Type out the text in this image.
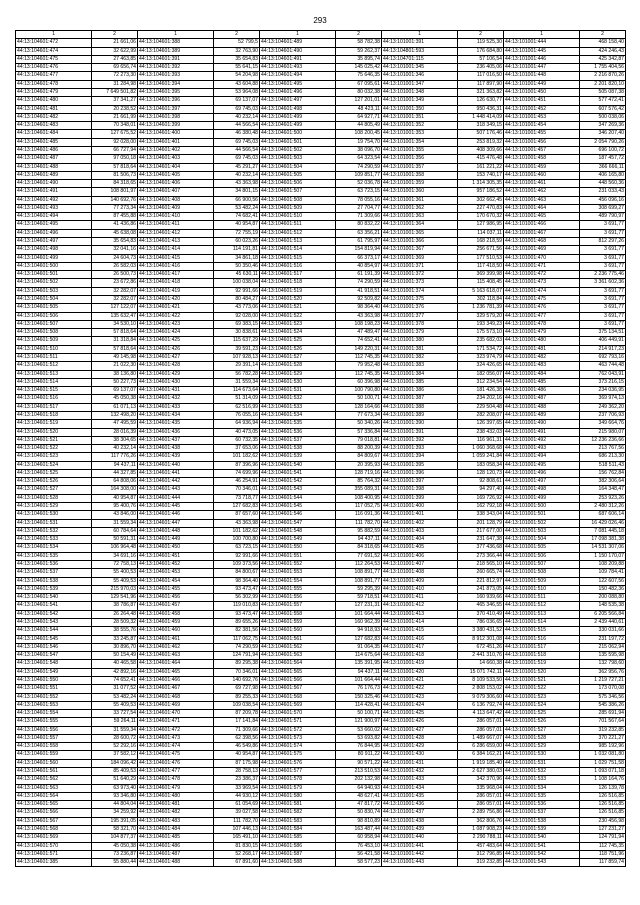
293
1	2	1	2	1	2	1	2	1	2
44:13:104601:472	21 661,06	44:13:104601:388	52 799,5	44:13:104601:489	58 782,38	44:13:101001:391	119 525,30	44:13:101001:444	468 158,40
44:13:104601:474	32 622,99	44:13:104601:389	32 763,90	44:13:104601:490	59 262,37	44:13:104801:593	176 684,80	44:13:101001:445	424 246,43
44:13:104601:475	27 463,85	44:13:104601:391	35 654,83	44:13:104601:491	35 895,74	44:13:104701:115	57 106,54	44:13:101001:446	425 342,87
44:13:104601:476	69 656,74	44:13:104601:392	55 641,15	44:13:104601:493	145 025,42	44:13:101001:345	236 405,06	44:13:101001:447	1 755 404,56
44:13:104601:477	72 273,30	44:13:104601:393	54 204,98	44:13:104601:494	75 646,35	44:13:101001:346	117 016,50	44:13:101001:448	2 216 870,26
44:13:104601:478	31 284,98	44:13:104601:394	43 604,88	44:13:104601:495	67 095,61	44:13:101001:347	117 897,90	44:13:101001:449	2 201 820,10
44:13:104601:479	7 649 501,82	44:13:104601:395	53 964,08	44:13:104601:496	80 032,38	44:13:101001:348	321 363,82	44:13:101001:450	505 087,38
44:13:104601:480	37 341,27	44:13:104601:396	69 137,07	44:13:104601:497	127 201,01	44:13:101001:349	126 630,77	44:13:101001:451	577 472,41
44:13:104601:481	20 238,52	44:13:104601:397	69 745,03	44:13:104601:498	48 423,11	44:13:101001:350	950 436,31	44:13:101001:452	607 576,42
44:13:104601:482	21 661,99	44:13:104601:398	40 232,14	44:13:104601:499	64 927,71	44:13:101001:351	1 448 414,09	44:13:101001:453	500 038,06
44:13:104601:483	70 348,01	44:13:104601:399	44 566,54	44:13:104601:499	44 805,49	44:13:101001:352	318 349,15	44:13:101001:454	347 269,36
44:13:104601:484	127 675,52	44:13:104601:400	46 380,48	44:13:104601:500	108 200,45	44:13:101001:353	507 176,46	44:13:101001:455	346 207,40
44:13:104601:485	92 028,00	44:13:104601:401	69 745,03	44:13:104601:501	19 754,70	44:13:101001:354	253 819,32	44:13:101001:456	2 054 790,26
44:13:104601:486	66 727,94	44:13:104601:402	44 566,54	44:13:104601:502	38 096,70	44:13:101001:355	408 309,66	44:13:101001:457	696 100,72
44:13:104601:487	97 050,18	44:13:104601:403	69 745,03	44:13:104601:503	64 323,54	44:13:101001:356	415 476,48	44:13:101001:458	187 457,72
44:13:104601:488	57 818,64	44:13:104601:404	45 291,27	44:13:104601:504	74 290,59	44:13:101001:357	161 221,22	44:13:101001:459	366 666,11
44:13:104601:489	81 506,73	44:13:104601:405	40 232,14	44:13:104601:505	109 851,77	44:13:101001:358	153 740,17	44:13:101001:460	406 165,80
44:13:104601:490	84 318,65	44:13:104601:406	43 363,98	44:13:104601:506	52 036,78	44:13:101001:359	1 314 305,35	44:13:101001:461	448 560,36
44:13:104601:491	108 801,97	44:13:104601:407	34 801,15	44:13:104601:507	63 723,15	44:13:101001:360	957 186,52	44:13:101001:462	231 033,43
44:13:104601:492	140 692,76	44:13:104601:408	66 900,56	44:13:104601:508	78 055,16	44:13:101001:361	302 662,45	44:13:101001:463	456 096,16
44:13:104601:493	77 273,34	44:13:104601:409	53 482,24	44:13:104601:509	27 704,77	44:13:101001:362	227 470,83	44:13:101001:464	308 699,27
44:13:104601:494	87 455,88	44:13:104601:410	74 682,41	44:13:104601:510	71 309,66	44:13:101001:363	170 670,32	44:13:101001:465	489 790,97
44:13:104601:495	41 436,86	44:13:104601:411	40 954,87	44:13:104601:511	80 832,22	44:13:101001:364	127 986,95	44:13:101001:466	3 691,77
44:13:104601:496	45 638,08	44:13:104601:412	72 755,19	44:13:104601:512	63 356,21	44:13:101001:365	114 037,11	44:13:101001:467	3 691,77
44:13:104601:497	35 654,83	44:13:104601:413	60 023,26	44:13:104601:513	61 795,97	44:13:101001:366	168 218,59	44:13:101001:468	812 297,26
44:13:104601:498	32 041,16	44:13:104601:414	114 191,81	44:13:104601:514	154 819,94	44:13:101001:367	256 671,56	44:13:101001:469	3 691,77
44:13:104601:499	24 604,73	44:13:104601:415	34 861,18	44:13:104601:515	66 373,17	44:13:101001:369	177 510,53	44:13:101001:470	3 691,77
44:13:104601:500	26 582,03	44:13:104601:416	50 350,46	44:13:104601:516	40 854,97	44:13:101001:371	117 418,50	44:13:101001:471	3 691,77
44:13:104601:501	26 500,73	44:13:104601:417	45 630,11	44:13:104601:517	61 191,39	44:13:101001:372	369 399,98	44:13:101001:472	2 236 775,46
44:13:104601:502	23 672,86	44:13:104601:418	100 038,04	44:13:104601:518	74 290,59	44:13:101001:373	115 408,45	44:13:101001:473	3 361 602,36
44:13:104601:503	32 282,07	44:13:104601:419	92 991,66	44:13:104601:519	41 918,51	44:13:101001:374	5 163 618,07	44:13:101001:474	3 691,77
44:13:104601:504	32 282,07	44:13:104601:420	80 484,27	44:13:104601:520	92 509,82	44:13:101001:375	302 118,84	44:13:101001:475	3 691,77
44:13:104601:505	127 122,07	44:13:104601:421	43 773,06	44:13:104601:521	98 364,40	44:13:101001:376	1 236 781,39	44:13:101001:476	3 691,77
44:13:104601:506	135 632,47	44:13:104601:422	92 028,00	44:13:104601:522	43 363,98	44:13:101001:377	329 579,20	44:13:101001:477	3 691,77
44:13:104601:507	34 530,10	44:13:104601:423	69 383,15	44:13:104601:523	108 198,23	44:13:101001:378	193 349,23	44:13:101001:478	3 691,77
44:13:104601:508	57 818,64	44:13:104601:424	30 838,61	44:13:104601:524	47 489,47	44:13:101001:379	175 573,10	44:13:101001:479	375 134,51
44:13:104601:509	31 318,84	44:13:104601:425	115 637,29	44:13:104601:525	74 652,41	44:13:101001:380	235 682,03	44:13:101001:480	406 449,91
44:13:104601:510	57 818,64	44:13:104601:426	39 591,23	44:13:104601:526	149 220,31	44:13:101001:381	171 534,72	44:13:101001:481	214 917,23
44:13:104601:511	49 145,98	44:13:104601:427	107 928,13	44:13:104601:527	112 745,35	44:13:101001:382	323 974,79	44:13:101001:482	692 793,16
44:13:104601:512	21 022,30	44:13:104601:428	29 391,14	44:13:104601:528	79 952,48	44:13:101001:383	324 426,65	44:13:101001:483	463 744,48
44:13:104601:513	38 136,80	44:13:104601:429	56 782,28	44:13:104601:529	112 745,35	44:13:101001:384	182 056,07	44:13:101001:484	762 043,91
44:13:104601:514	50 227,73	44:13:104601:430	31 559,34	44:13:104601:530	60 396,98	44:13:101001:385	312 234,54	44:13:101001:485	373 216,15
44:13:104601:515	69 137,07	44:13:104601:431	114 673,64	44:13:104601:531	100 790,80	44:13:101001:386	181 426,38	44:13:101001:486	234 036,95
44:13:104601:516	45 050,38	44:13:104601:432	51 314,09	44:13:104601:532	50 100,71	44:13:101001:387	234 202,16	44:13:101001:487	369 974,13
44:13:104601:517	61 071,13	44:13:104601:433	62 516,99	44:13:104601:533	128 164,66	44:13:101001:388	229 504,48	44:13:101001:488	249 362,20
44:13:104601:518	132 498,20	44:13:104601:434	76 055,16	44:13:104601:534	77 673,34	44:13:101001:389	282 208,07	44:13:101001:489	237 706,93
44:13:104601:519	47 495,59	44:13:104601:435	64 936,94	44:13:104601:535	50 340,26	44:13:101001:390	126 397,65	44:13:101001:490	349 664,76
44:13:104601:520	28 016,39	44:13:104601:436	40 473,05	44:13:104601:536	57 336,84	44:13:101001:391	238 432,03	44:13:101001:491	215 980,07
44:13:104601:521	38 304,65	44:13:104601:437	60 732,35	44:13:104601:537	79 018,81	44:13:101001:392	116 961,31	44:13:101001:492	12 236 236,66
44:13:104601:522	40 232,14	44:13:104601:438	37 653,06	44:13:104601:538	88 200,39	44:13:101001:393	1 060 368,68	44:13:101001:493	213 767,56
44:13:104601:523	117 776,26	44:13:104601:439	101 182,62	44:13:104601:539	84 809,67	44:13:101001:394	1 059 241,84	44:13:101001:494	686 213,30
44:13:104601:524	94 437,11	44:13:104601:440	87 396,96	44:13:104601:540	20 395,93	44:13:101001:395	183 058,34	44:13:101001:495	518 511,43
44:13:104601:525	44 327,85	44:13:104601:441	74 699,96	44:13:104601:541	128 719,16	44:13:101001:396	128 120,73	44:13:101001:496	156 762,84
44:13:104601:526	64 808,06	44:13:104601:442	46 254,91	44:13:104601:542	85 764,32	44:13:101001:397	92 808,61	44:13:101001:497	382 306,64
44:13:104601:527	164 308,00	44:13:104601:443	70 346,01	44:13:104601:543	355 089,31	44:13:101001:398	94 297,40	44:13:101001:498	164 348,47
44:13:104601:528	40 954,87	44:13:104601:444	73 718,77	44:13:104601:544	108 400,95	44:13:101001:399	169 726,92	44:13:101001:499	253 923,26
44:13:104601:529	95 400,76	44:13:104601:445	127 682,83	44:13:104601:545	117 052,75	44:13:101001:400	162 792,18	44:13:101001:500	2 480 312,26
44:13:104601:530	43 846,00	44:13:104601:446	87 657,60	44:13:104601:546	116 091,36	44:13:101001:401	338 343,04	44:13:101001:501	687 606,14
44:13:104601:531	31 559,34	44:13:104601:447	43 363,98	44:13:104601:547	111 782,70	44:13:101001:402	201 128,79	44:13:101001:502	16 429 026,46
44:13:104601:532	60 784,64	44:13:104601:448	101 182,62	44:13:104601:548	95 882,59	44:13:101001:403	217 677,00	44:13:101001:503	7 081 445,18
44:13:104601:533	50 591,31	44:13:104601:449	100 700,80	44:13:104601:549	94 437,11	44:13:101001:404	231 647,38	44:13:101001:504	17 098 381,38
44:13:104601:534	106 964,48	44:13:104601:450	63 723,15	44:13:104601:550	84 318,65	44:13:101001:405	377 436,68	44:13:101001:505	14 531 307,06
44:13:104601:535	34 691,16	44:13:104601:451	92 991,66	44:13:104601:551	77 691,52	44:13:101001:406	273 366,44	44:13:101001:506	1 150 170,07
44:13:104601:536	72 758,13	44:13:104601:452	109 373,56	44:13:104601:552	112 264,53	44:13:101001:407	218 565,10	44:13:101001:507	108 209,88
44:13:104601:537	55 400,53	44:13:104601:453	84 800,67	44:13:104601:553	108 891,77	44:13:101001:408	260 665,74	44:13:101001:508	109 784,41
44:13:104601:538	55 409,53	44:13:104601:454	98 364,40	44:13:104601:554	108 891,77	44:13:101001:409	221 812,97	44:13:101001:509	122 607,56
44:13:104601:539	215 970,03	44:13:104601:455	93 473,47	44:13:104601:555	59 295,39	44:13:101001:410	241 873,05	44:13:101001:510	150 482,36
44:13:104601:540	129 541,96	44:13:104601:456	56 302,99	44:13:104601:556	59 718,51	44:13:101001:411	160 939,66	44:13:101001:511	200 088,80
44:13:104601:541	38 786,87	44:13:104601:457	119 010,83	44:13:104601:557	127 231,31	44:13:101001:412	465 346,55	44:13:101001:512	148 535,38
44:13:104601:542	26 264,48	44:13:104601:458	93 473,47	44:13:104601:558	101 664,44	44:13:101001:413	370 410,49	44:13:101001:513	6 205 566,84
44:13:104601:543	28 509,32	44:13:104601:459	89 655,26	44:13:104601:559	160 962,39	44:13:101001:414	786 036,65	44:13:101001:514	2 439 440,61
44:13:104601:544	38 555,76	44:13:104601:460	82 381,56	44:13:104601:560	94 918,93	44:13:101001:415	3 380 431,52	44:13:101001:515	330 031,66
44:13:104601:545	33 245,87	44:13:104601:461	117 062,75	44:13:104601:561	127 682,83	44:13:101001:416	8 912 301,08	44:13:101001:516	231 197,72
44:13:104601:546	30 896,70	44:13:104601:462	74 290,59	44:13:104601:562	91 064,35	44:13:101001:417	672 451,26	44:13:101001:517	215 062,94
44:13:104601:547	50 154,49	44:13:104601:463	124 791,94	44:13:104601:563	114 675,64	44:13:101001:418	2 441 310,76	44:13:101001:518	135 595,98
44:13:104601:548	40 465,58	44:13:104601:464	89 295,38	44:13:104601:564	135 391,95	44:13:101001:419	14 660,38	44:13:101001:519	132 798,60
44:13:104601:549	42 892,16	44:13:104601:465	70 346,01	44:13:104601:565	94 437,11	44:13:101001:420	15 071 742,11	44:13:101001:520	362 956,76
44:13:104601:550	74 652,41	44:13:104601:466	140 692,76	44:13:104601:566	101 664,44	44:13:101001:421	8 109 533,50	44:13:101001:521	1 219 727,21
44:13:104601:551	31 077,52	44:13:104601:467	69 727,98	44:13:104601:567	76 176,73	44:13:101001:422	2 808 153,02	44:13:101001:522	173 070,08
44:13:104601:552	53 482,24	44:13:104601:468	89 255,33	44:13:104601:568	150 325,46	44:13:101001:423	9 079 306,60	44:13:101001:523	575 346,56
44:13:104601:553	55 409,53	44:13:104601:469	109 038,54	44:13:104601:569	114 428,41	44:13:101001:424	6 136 792,74	44:13:101001:524	545 386,26
44:13:104601:554	33 727,54	44:13:104601:470	87 209,78	44:13:104601:570	50 100,71	44:13:101001:425	4 113 647,42	44:13:101001:525	285 691,94
44:13:104601:555	59 264,11	44:13:104601:471	17 141,84	44:13:104601:571	121 900,97	44:13:101001:426	286 057,01	44:13:101001:526	701 567,64
44:13:104601:556	31 559,34	44:13:104601:472	71 309,66	44:13:104601:572	53 660,02	44:13:101001:427	286 057,01	44:13:101001:527	319 232,85
44:13:104601:557	28 600,72	44:13:104601:473	62 398,56	44:13:104601:573	53 693,82	44:13:101001:428	1 489 667,07	44:13:101001:528	370 221,27
44:13:104601:558	52 292,16	44:13:104601:474	46 549,86	44:13:104601:574	76 844,95	44:13:101001:429	6 286 659,00	44:13:101001:529	985 192,96
44:13:104601:559	37 582,12	44:13:104601:475	40 954,87	44:13:104601:575	80 911,22	44:13:101001:430	6 384 162,21	44:13:101001:530	1 032 081,80
44:13:104601:560	184 096,42	44:13:104601:476	87 175,98	44:13:104601:576	90 571,22	44:13:101001:431	1 919 185,40	44:13:101001:531	1 029 751,58
44:13:104601:561	85 409,53	44:13:104601:477	28 758,13	44:13:104601:577	213 510,53	44:13:101001:432	2 627 380,03	44:13:101001:532	1 093 071,18
44:13:104601:562	51 640,29	44:13:104601:478	23 386,37	44:13:104601:578	202 132,98	44:13:101001:433	342 370,96	44:13:101001:533	1 108 164,76
44:13:104601:563	63 973,40	44:13:104601:479	33 969,54	44:13:104601:579	64 940,93	44:13:101001:434	335 968,04	44:13:101001:534	126 139,78
44:13:104601:564	93 346,80	44:13:104601:480	44 930,12	44:13:104601:580	48 627,41	44:13:101001:435	286 057,01	44:13:101001:535	126 516,85
44:13:104601:565	44 804,04	44:13:104601:481	61 054,69	44:13:104601:581	47 817,72	44:13:101001:436	286 057,01	44:13:101001:536	126 516,85
44:13:104601:566	34 259,92	44:13:104601:482	39 027,58	44:13:104601:582	50 830,74	44:13:101001:437	2 289 756,86	44:13:101001:537	126 516,85
44:13:104601:567	195 391,05	44:13:104601:483	111 782,70	44:13:104601:583	98 810,89	44:13:101001:438	362 806,76	44:13:101001:538	230 456,98
44:13:104601:568	58 321,70	44:13:104601:484	107 446,13	44:13:104601:584	163 487,44	44:13:101001:439	1 087 908,23	44:13:101001:539	127 231,27
44:13:104601:569	104 877,37	44:13:104601:485	165 491,10	44:13:104601:585	60 958,94	44:13:101001:440	2 290 788,11	44:13:101001:540	124 791,94
44:13:104601:570	45 050,38	44:13:104601:486	81 830,15	44:13:104601:586	76 453,10	44:13:101001:441	457 483,64	44:13:101001:541	112 745,35
44:13:104601:571	73 236,87	44:13:104601:487	52 268,17	44:13:104601:587	56 421,58	44:13:101001:442	312 796,85	44:13:101001:542	118 751,96
44:13:104601:385	55 880,44	44:13:104601:488	67 891,60	44:13:104601:588	58 577,23	44:13:101001:443	319 232,85	44:13:101001:543	117 859,74
